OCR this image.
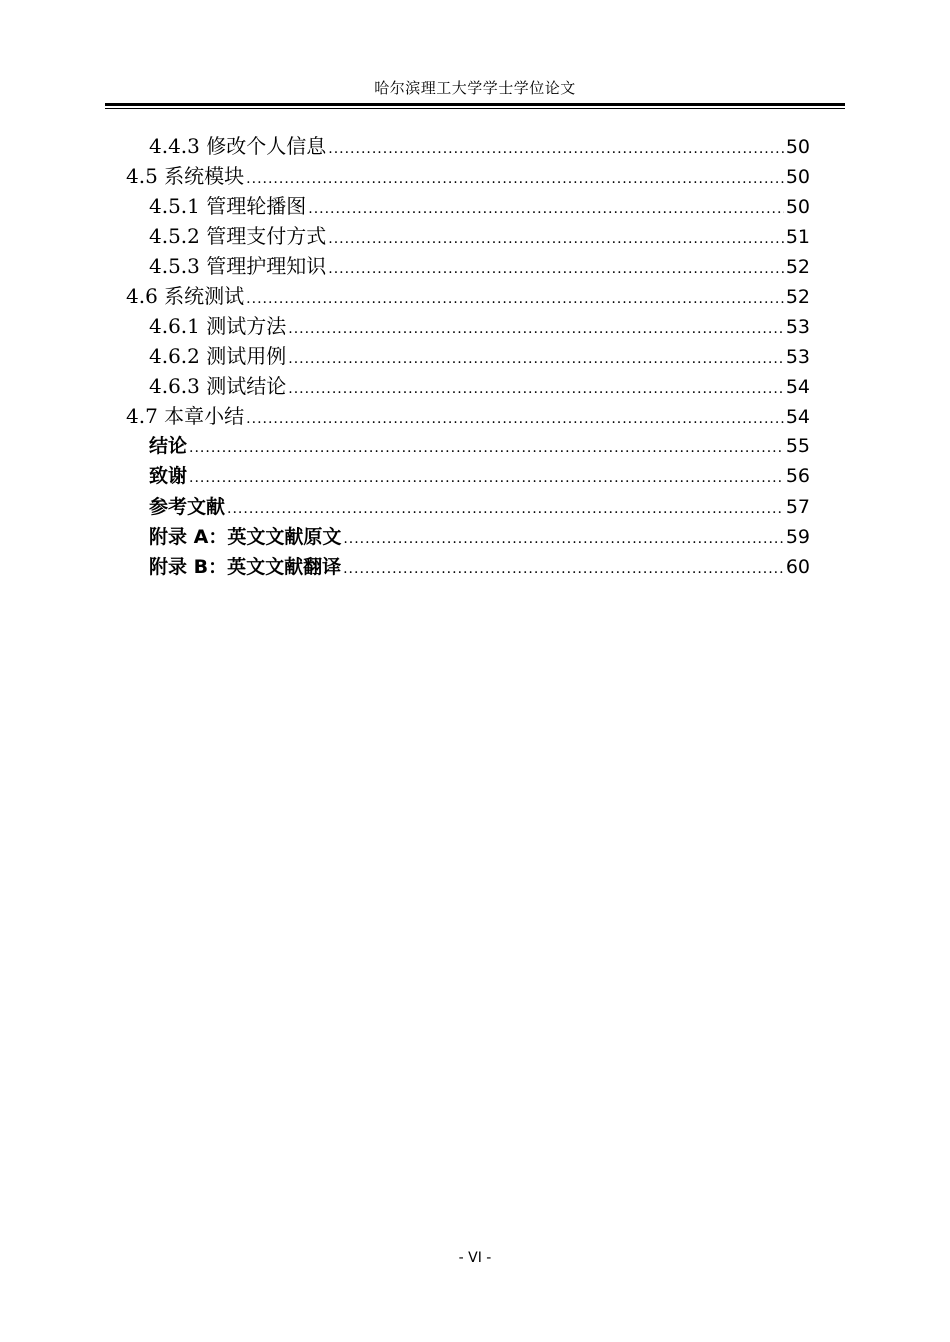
哈尔滨理工大学学士学位论文
4.4.3 修改个人信息 .....	50
4.5 系统模块 .....	50
4.5.1 管理轮播图 .....	50
4.5.2 管理支付方式 .....	51
4.5.3 管理护理知识 .....	52
4.6 系统测试 .....	52
4.6.1 测试方法 .....	53
4.6.2 测试用例 .....	53
4.6.3 测试结论 .....	54
4.7 本章小结 .....	54
结论 .....	55
致谢 .....	56
参考文献 .....	57
附录 A：英文文献原文 .....	59
附录 B：英文文献翻译 .....	60
- VI -
